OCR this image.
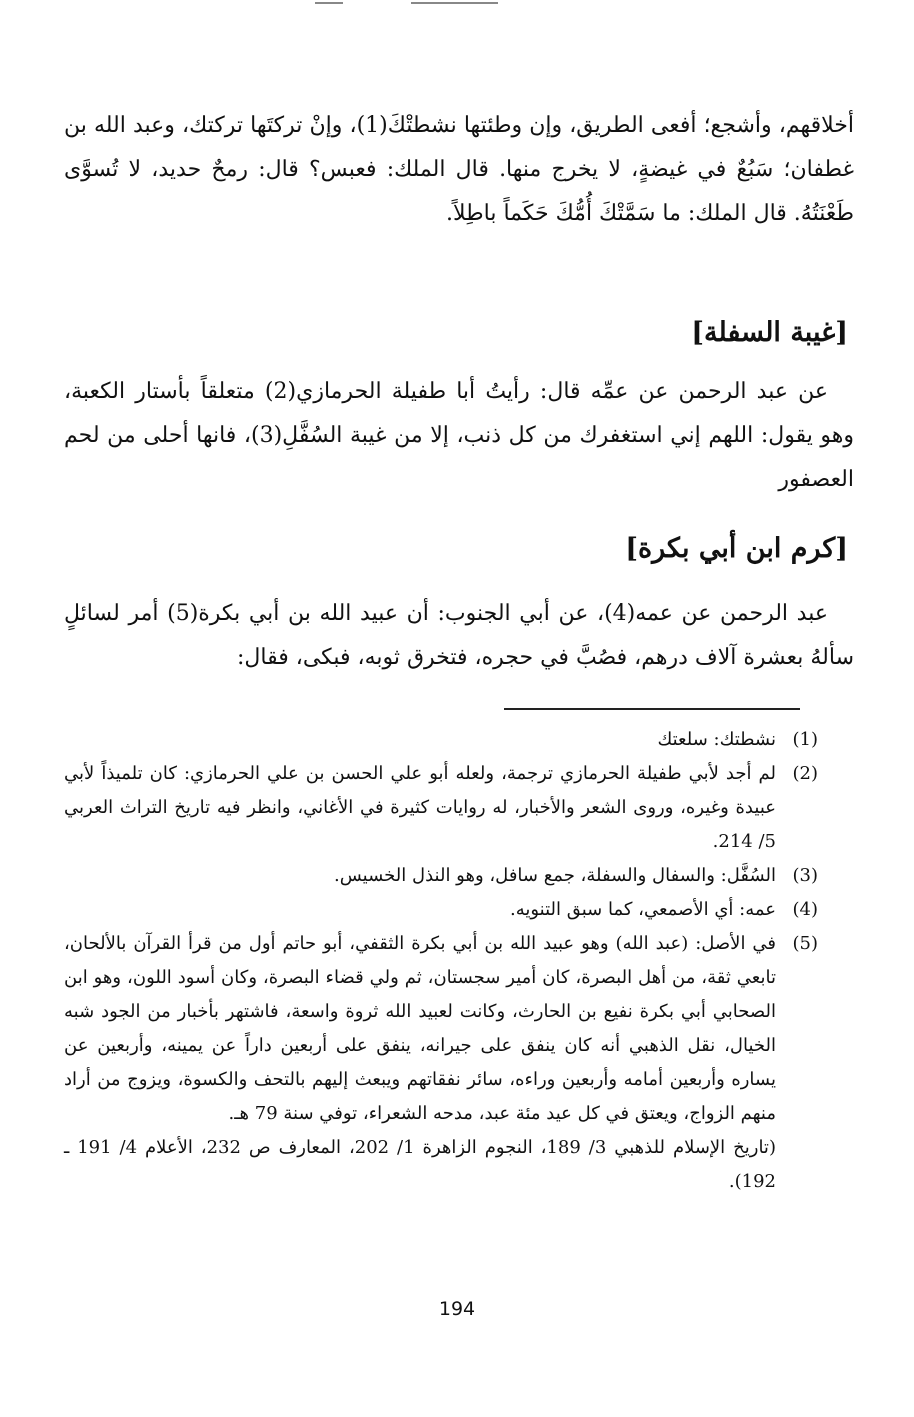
أخلاقهم، وأشجع؛ أفعى الطريق، وإن وطئتها نشطتْكَ(1)، وإنْ تركتَها تركتك، وعبد الله بن غطفان؛ سَبُعٌ في غيضةٍ، لا يخرج منها. قال الملك: فعبس؟ قال: رمحٌ حديد، لا تُسوَّى طَعْنَتُهُ. قال الملك: ما سَمَّتْكَ أُمُّكَ حَكَماً باطِلاً.

[غيبة السفلة]

عن عبد الرحمن عن عمِّه قال: رأيتُ أبا طفيلة الحرمازي(2) متعلقاً بأستار الكعبة، وهو يقول: اللهم إني استغفرك من كل ذنب، إلا من غيبة السُفَّلِ(3)، فانها أحلى من لحم العصفور

[كرم ابن أبي بكرة]

عبد الرحمن عن عمه(4)، عن أبي الجنوب: أن عبيد الله بن أبي بكرة(5) أمر لسائلٍ سألهُ بعشرة آلاف درهم، فصُبَّ في حجره، فتخرق ثوبه، فبكى، فقال:

(1)
نشطتك: سلعتك
(2)
لم أجد لأبي طفيلة الحرمازي ترجمة، ولعله أبو علي الحسن بن علي الحرمازي: كان تلميذاً لأبي عبيدة وغيره، وروى الشعر والأخبار، له روايات كثيرة في الأغاني، وانظر فيه تاريخ التراث العربي 5/ 214.
(3)
السُفَّل: والسفال والسفلة، جمع سافل، وهو النذل الخسيس.
(4)
عمه: أي الأصمعي، كما سبق التنويه.
(5)
في الأصل: (عبد الله) وهو عبيد الله بن أبي بكرة الثقفي، أبو حاتم أول من قرأ القرآن بالألحان، تابعي ثقة، من أهل البصرة، كان أمير سجستان، ثم ولي قضاء البصرة، وكان أسود اللون، وهو ابن الصحابي أبي بكرة نفيع بن الحارث، وكانت لعبيد الله ثروة واسعة، فاشتهر بأخبار من الجود شبه الخيال، نقل الذهبي أنه كان ينفق على جيرانه، ينفق على أربعين داراً عن يمينه، وأربعين عن يساره وأربعين أمامه وأربعين وراءه، سائر نفقاتهم ويبعث إليهم بالتحف والكسوة، ويزوج من أراد منهم الزواج، ويعتق في كل عيد مئة عبد، مدحه الشعراء، توفي سنة 79 هـ.
(تاريخ الإسلام للذهبي 3/ 189، النجوم الزاهرة 1/ 202، المعارف ص 232، الأعلام 4/ 191 ـ 192).
194
